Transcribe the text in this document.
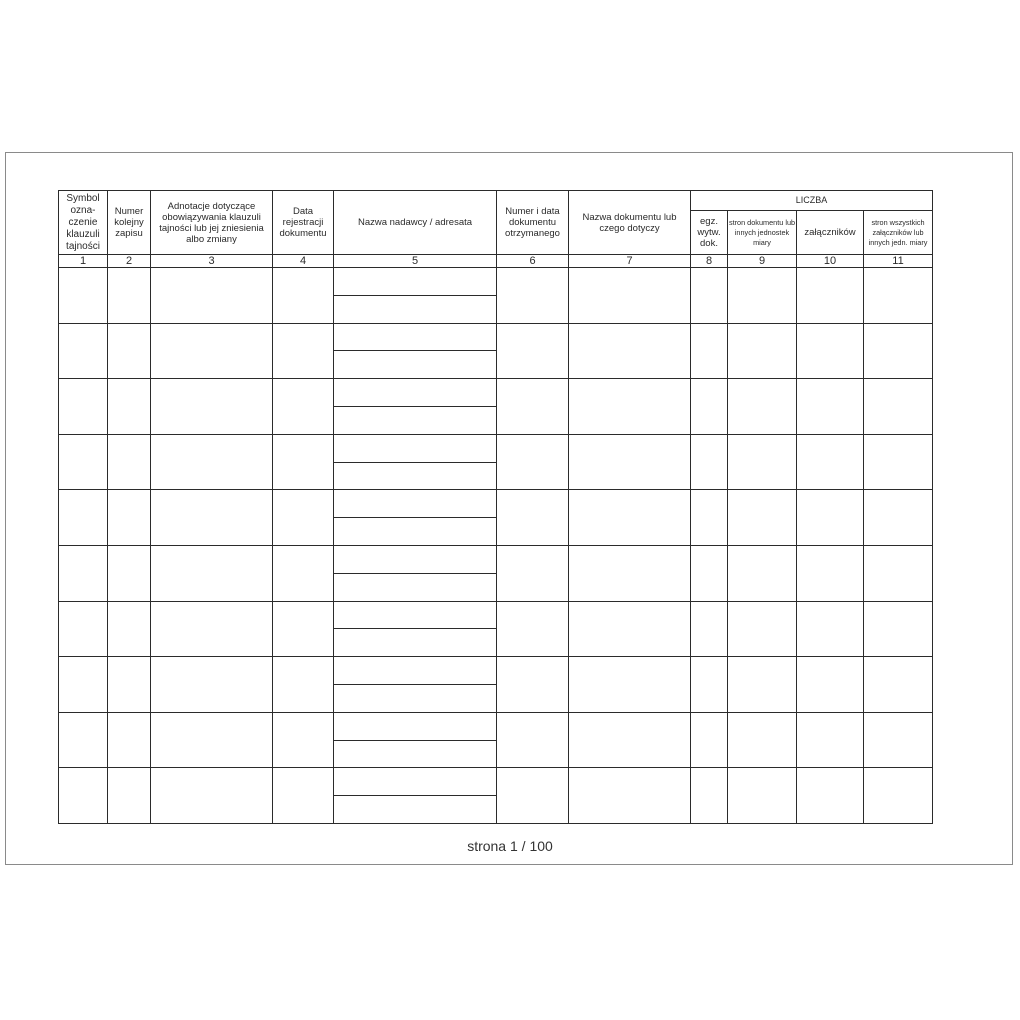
Symbol ozna-czenie klauzuli tajności	Numer kolejny zapisu	Adnotacje dotyczące obowiązywania klauzuli tajności lub jej zniesienia albo zmiany	Data rejestracji dokumentu	Nazwa nadawcy / adresata	Numer i data dokumentu otrzymanego	Nazwa dokumentu lub czego dotyczy	LICZBA			
							egz. wytw. dok.	stron dokumentu lub innych jednostek miary	załączników	stron wszystkich załączników lub innych jedn. miary
1	2	3	4	5	6	7	8	9	10	11

strona 1 / 100
